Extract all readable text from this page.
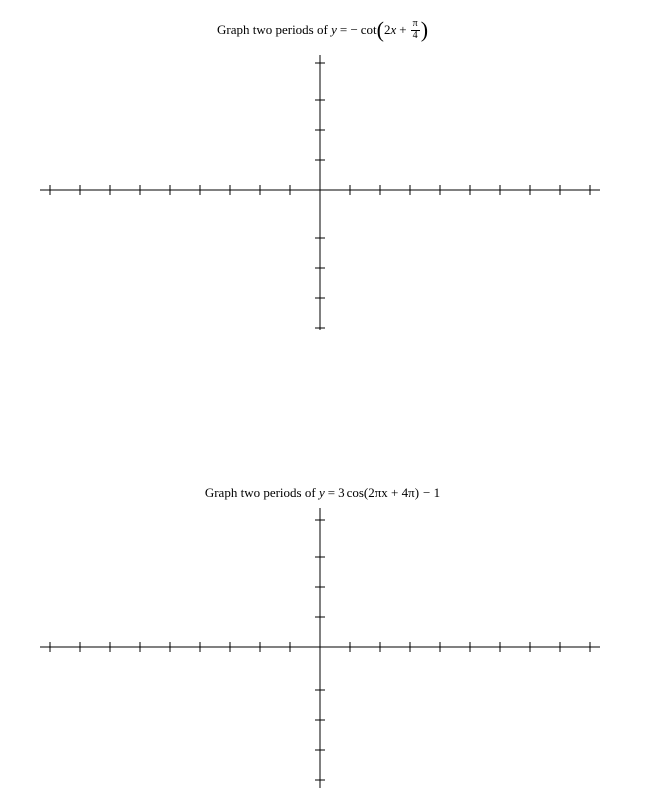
Graph two periods of y = − $\cot(2x + \frac{\pi}{4}$ )
Graph two periods of y = 3 cos(2πx + 4π) − 1
